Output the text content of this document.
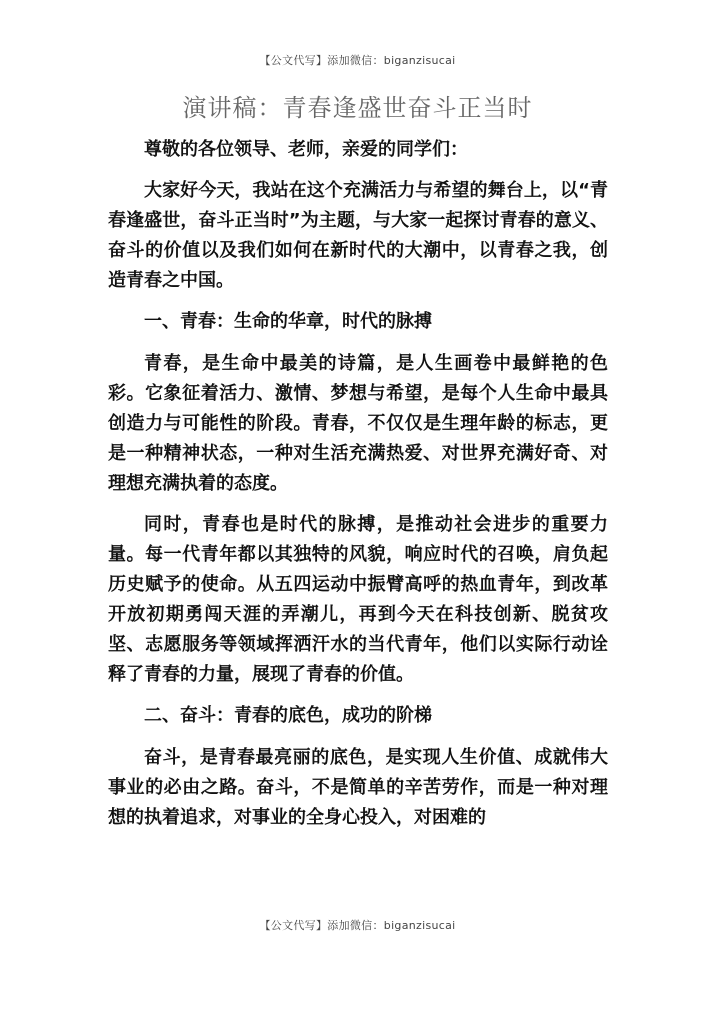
【公文代写】添加微信：biganzisucai
演讲稿：青春逢盛世奋斗正当时

尊敬的各位领导、老师，亲爱的同学们：

大家好今天，我站在这个充满活力与希望的舞台上，以“青春逢盛世，奋斗正当时”为主题，与大家一起探讨青春的意义、奋斗的价值以及我们如何在新时代的大潮中，以青春之我，创造青春之中国。

一、青春：生命的华章，时代的脉搏

青春，是生命中最美的诗篇，是人生画卷中最鲜艳的色彩。它象征着活力、激情、梦想与希望，是每个人生命中最具创造力与可能性的阶段。青春，不仅仅是生理年龄的标志，更是一种精神状态，一种对生活充满热爱、对世界充满好奇、对理想充满执着的态度。

同时，青春也是时代的脉搏，是推动社会进步的重要力量。每一代青年都以其独特的风貌，响应时代的召唤，肩负起历史赋予的使命。从五四运动中振臂高呼的热血青年，到改革开放初期勇闯天涯的弄潮儿，再到今天在科技创新、脱贫攻坚、志愿服务等领域挥洒汗水的当代青年，他们以实际行动诠释了青春的力量，展现了青春的价值。

二、奋斗：青春的底色，成功的阶梯

奋斗，是青春最亮丽的底色，是实现人生价值、成就伟大事业的必由之路。奋斗，不是简单的辛苦劳作，而是一种对理想的执着追求，对事业的全身心投入，对困难的

【公文代写】添加微信：biganzisucai
